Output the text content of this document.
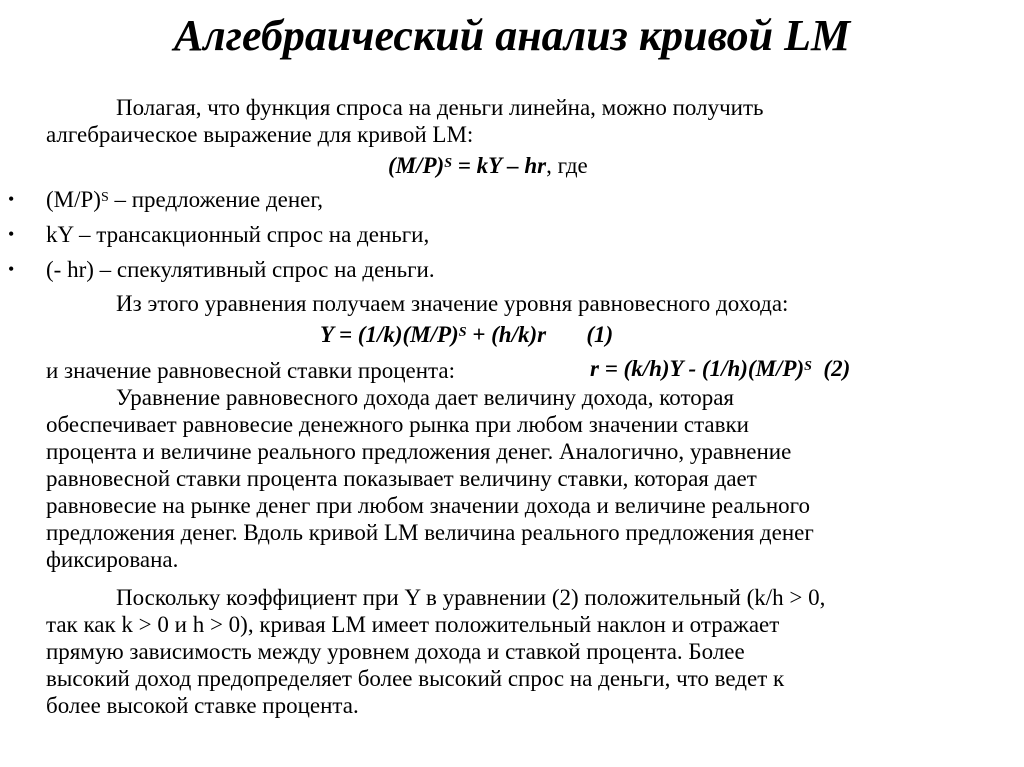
Алгебраический анализ кривой LM
Полагая, что функция спроса на деньги линейна, можно получить
алгебраическое выражение для кривой LM:
$(M/P)^S$ = kY – hr, где
• $(M/P)^S$ – предложение денег,
• kY – трансакционный спрос на деньги,
• (- hr) – спекулятивный спрос на деньги.
Из этого уравнения получаем значение уровня равновесного дохода:
$Y = (1/k)(M/P)^S + (h/k)r$       (1)
и значение равновесной ставки процента:	$r = (k/h)Y - (1/h)(M/P)^S$  (2)
Уравнение равновесного дохода дает величину дохода, которая
обеспечивает равновесие денежного рынка при любом значении ставки
процента и величине реального предложения денег. Аналогично, уравнение
равновесной ставки процента показывает величину ставки, которая дает
равновесие на рынке денег при любом значении дохода и величине реального
предложения денег. Вдоль кривой LM величина реального предложения денег
фиксирована.
Поскольку коэффициент при Y в уравнении (2) положительный (k/h > 0,
так как k > 0 и h > 0), кривая LM имеет положительный наклон и отражает
прямую зависимость между уровнем дохода и ставкой процента. Более
высокий доход предопределяет более высокий спрос на деньги, что ведет к
более высокой ставке процента.
